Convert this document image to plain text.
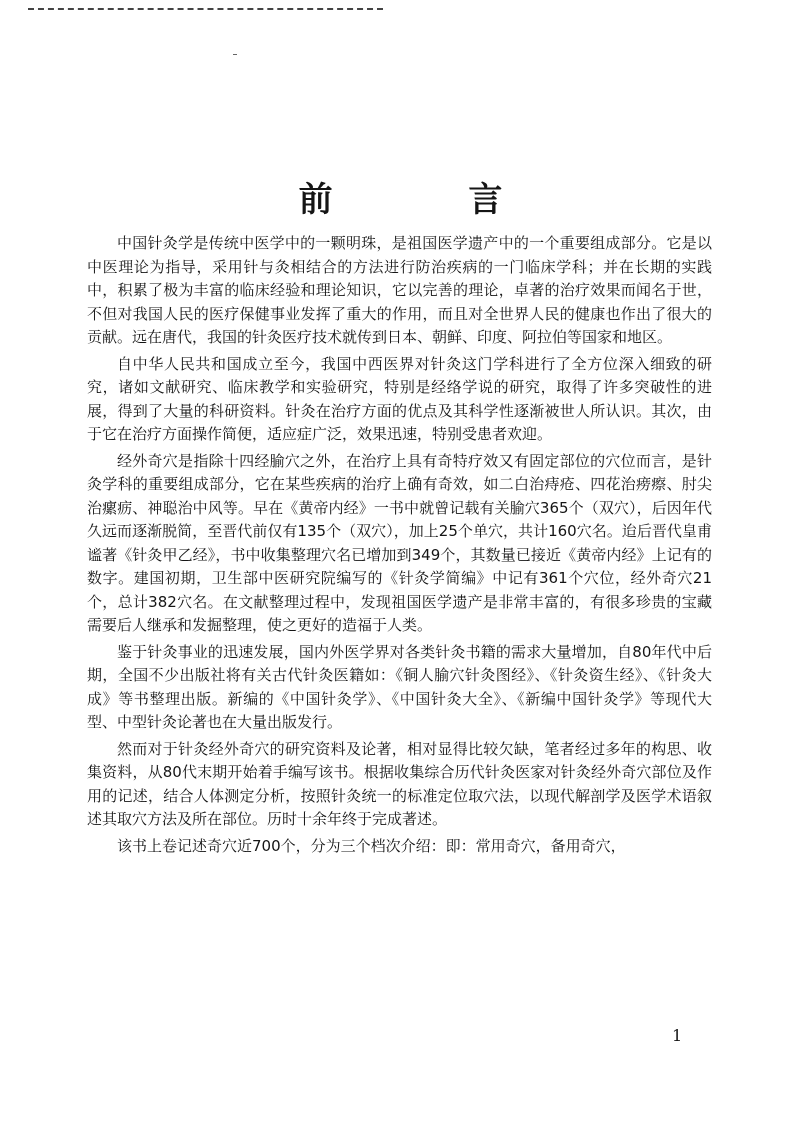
前 言

中国针灸学是传统中医学中的一颗明珠，是祖国医学遗产中的一个重要组成部分。它是以中医理论为指导，采用针与灸相结合的方法进行防治疾病的一门临床学科；并在长期的实践中，积累了极为丰富的临床经验和理论知识，它以完善的理论，卓著的治疗效果而闻名于世，不但对我国人民的医疗保健事业发挥了重大的作用，而且对全世界人民的健康也作出了很大的贡献。远在唐代，我国的针灸医疗技术就传到日本、朝鲜、印度、阿拉伯等国家和地区。

自中华人民共和国成立至今，我国中西医界对针灸这门学科进行了全方位深入细致的研究，诸如文献研究、临床教学和实验研究，特别是经络学说的研究，取得了许多突破性的进展，得到了大量的科研资料。针灸在治疗方面的优点及其科学性逐渐被世人所认识。其次，由于它在治疗方面操作简便，适应症广泛，效果迅速，特别受患者欢迎。

经外奇穴是指除十四经腧穴之外，在治疗上具有奇特疗效又有固定部位的穴位而言，是针灸学科的重要组成部分，它在某些疾病的治疗上确有奇效，如二白治痔疮、四花治痨瘵、肘尖治瘰疬、神聪治中风等。早在《黄帝内经》一书中就曾记载有关腧穴365个（双穴），后因年代久远而逐渐脱简，至晋代前仅有135个（双穴），加上25个单穴，共计160穴名。迨后晋代皇甫谧著《针灸甲乙经》，书中收集整理穴名已增加到349个，其数量已接近《黄帝内经》上记有的数字。建国初期，卫生部中医研究院编写的《针灸学简编》中记有361个穴位，经外奇穴21个，总计382穴名。在文献整理过程中，发现祖国医学遗产是非常丰富的，有很多珍贵的宝藏需要后人继承和发掘整理，使之更好的造福于人类。

鉴于针灸事业的迅速发展，国内外医学界对各类针灸书籍的需求大量增加，自80年代中后期，全国不少出版社将有关古代针灸医籍如：《铜人腧穴针灸图经》、《针灸资生经》、《针灸大成》等书整理出版。新编的《中国针灸学》、《中国针灸大全》、《新编中国针灸学》等现代大型、中型针灸论著也在大量出版发行。

然而对于针灸经外奇穴的研究资料及论著，相对显得比较欠缺，笔者经过多年的构思、收集资料，从80代末期开始着手编写该书。根据收集综合历代针灸医家对针灸经外奇穴部位及作用的记述，结合人体测定分析，按照针灸统一的标准定位取穴法，以现代解剖学及医学术语叙述其取穴方法及所在部位。历时十余年终于完成著述。

该书上卷记述奇穴近700个，分为三个档次介绍：即：常用奇穴，备用奇穴，

1
